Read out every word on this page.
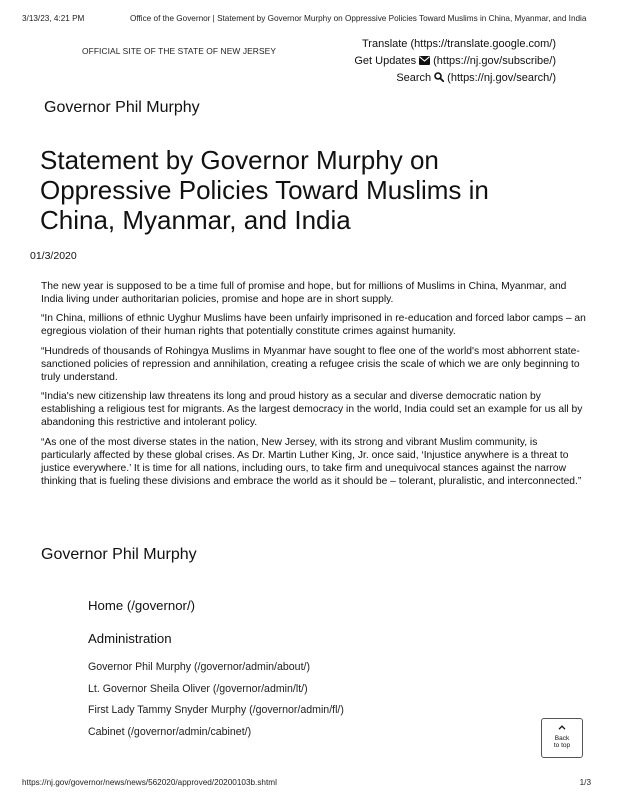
3/13/23, 4:21 PM	Office of the Governor | Statement by Governor Murphy on Oppressive Policies Toward Muslims in China, Myanmar, and India
OFFICIAL SITE OF THE STATE OF NEW JERSEY
Translate (https://translate.google.com/)
Get Updates (https://nj.gov/subscribe/)
Search (https://nj.gov/search/)
Governor Phil Murphy
Statement by Governor Murphy on Oppressive Policies Toward Muslims in China, Myanmar, and India
01/3/2020

The new year is supposed to be a time full of promise and hope, but for millions of Muslims in China, Myanmar, and India living under authoritarian policies, promise and hope are in short supply.

“In China, millions of ethnic Uyghur Muslims have been unfairly imprisoned in re-education and forced labor camps – an egregious violation of their human rights that potentially constitute crimes against humanity.

“Hundreds of thousands of Rohingya Muslims in Myanmar have sought to flee one of the world's most abhorrent state-sanctioned policies of repression and annihilation, creating a refugee crisis the scale of which we are only beginning to truly understand.

“India's new citizenship law threatens its long and proud history as a secular and diverse democratic nation by establishing a religious test for migrants. As the largest democracy in the world, India could set an example for us all by abandoning this restrictive and intolerant policy.

“As one of the most diverse states in the nation, New Jersey, with its strong and vibrant Muslim community, is particularly affected by these global crises. As Dr. Martin Luther King, Jr. once said, ‘Injustice anywhere is a threat to justice everywhere.’ It is time for all nations, including ours, to take firm and unequivocal stances against the narrow thinking that is fueling these divisions and embrace the world as it should be – tolerant, pluralistic, and interconnected.”

Governor Phil Murphy
Home (/governor/)
Administration
Governor Phil Murphy (/governor/admin/about/)
Lt. Governor Sheila Oliver (/governor/admin/lt/)
First Lady Tammy Snyder Murphy (/governor/admin/fl/)
Cabinet (/governor/admin/cabinet/)	Back
to top
https://nj.gov/governor/news/news/562020/approved/20200103b.shtml	1/3
